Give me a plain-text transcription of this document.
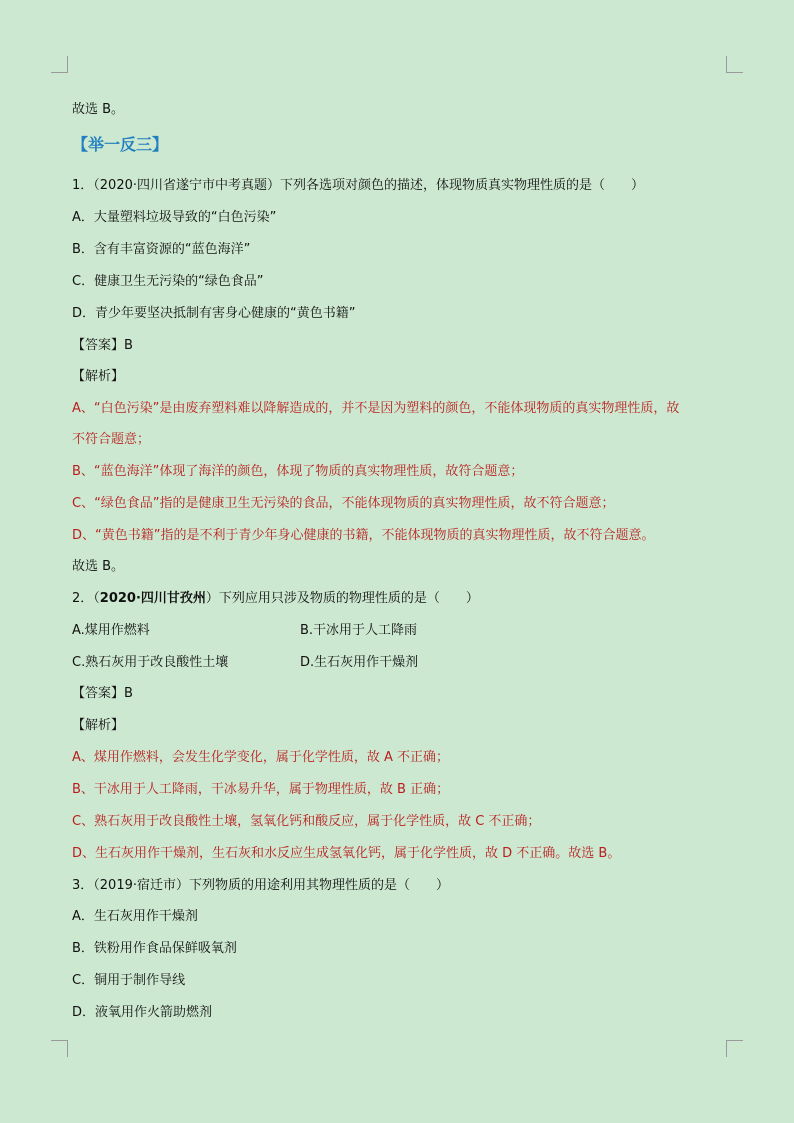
故选 B。
【举一反三】
1．（2020·四川省遂宁市中考真题）下列各选项对颜色的描述，体现物质真实物理性质的是（　　）
A．大量塑料垃圾导致的“白色污染”
B．含有丰富资源的“蓝色海洋”
C．健康卫生无污染的“绿色食品”
D．青少年要坚决抵制有害身心健康的“黄色书籍”
【答案】B
【解析】
A、“白色污染”是由废弃塑料难以降解造成的，并不是因为塑料的颜色，不能体现物质的真实物理性质，故
不符合题意；
B、“蓝色海洋”体现了海洋的颜色，体现了物质的真实物理性质，故符合题意；
C、“绿色食品”指的是健康卫生无污染的食品，不能体现物质的真实物理性质，故不符合题意；
D、“黄色书籍”指的是不利于青少年身心健康的书籍，不能体现物质的真实物理性质，故不符合题意。
故选 B。
2．（2020·四川甘孜州）下列应用只涉及物质的物理性质的是（　　）
A.煤用作燃料	B.干冰用于人工降雨
C.熟石灰用于改良酸性土壤	D.生石灰用作干燥剂
【答案】B
【解析】
A、煤用作燃料，会发生化学变化，属于化学性质，故 A 不正确；
B、干冰用于人工降雨，干冰易升华，属于物理性质，故 B 正确；
C、熟石灰用于改良酸性土壤，氢氧化钙和酸反应，属于化学性质，故 C 不正确；
D、生石灰用作干燥剂，生石灰和水反应生成氢氧化钙，属于化学性质，故 D 不正确。故选 B。
3．（2019·宿迁市）下列物质的用途利用其物理性质的是（　　）
A．生石灰用作干燥剂
B．铁粉用作食品保鲜吸氧剂
C．铜用于制作导线
D．液氧用作火箭助燃剂
